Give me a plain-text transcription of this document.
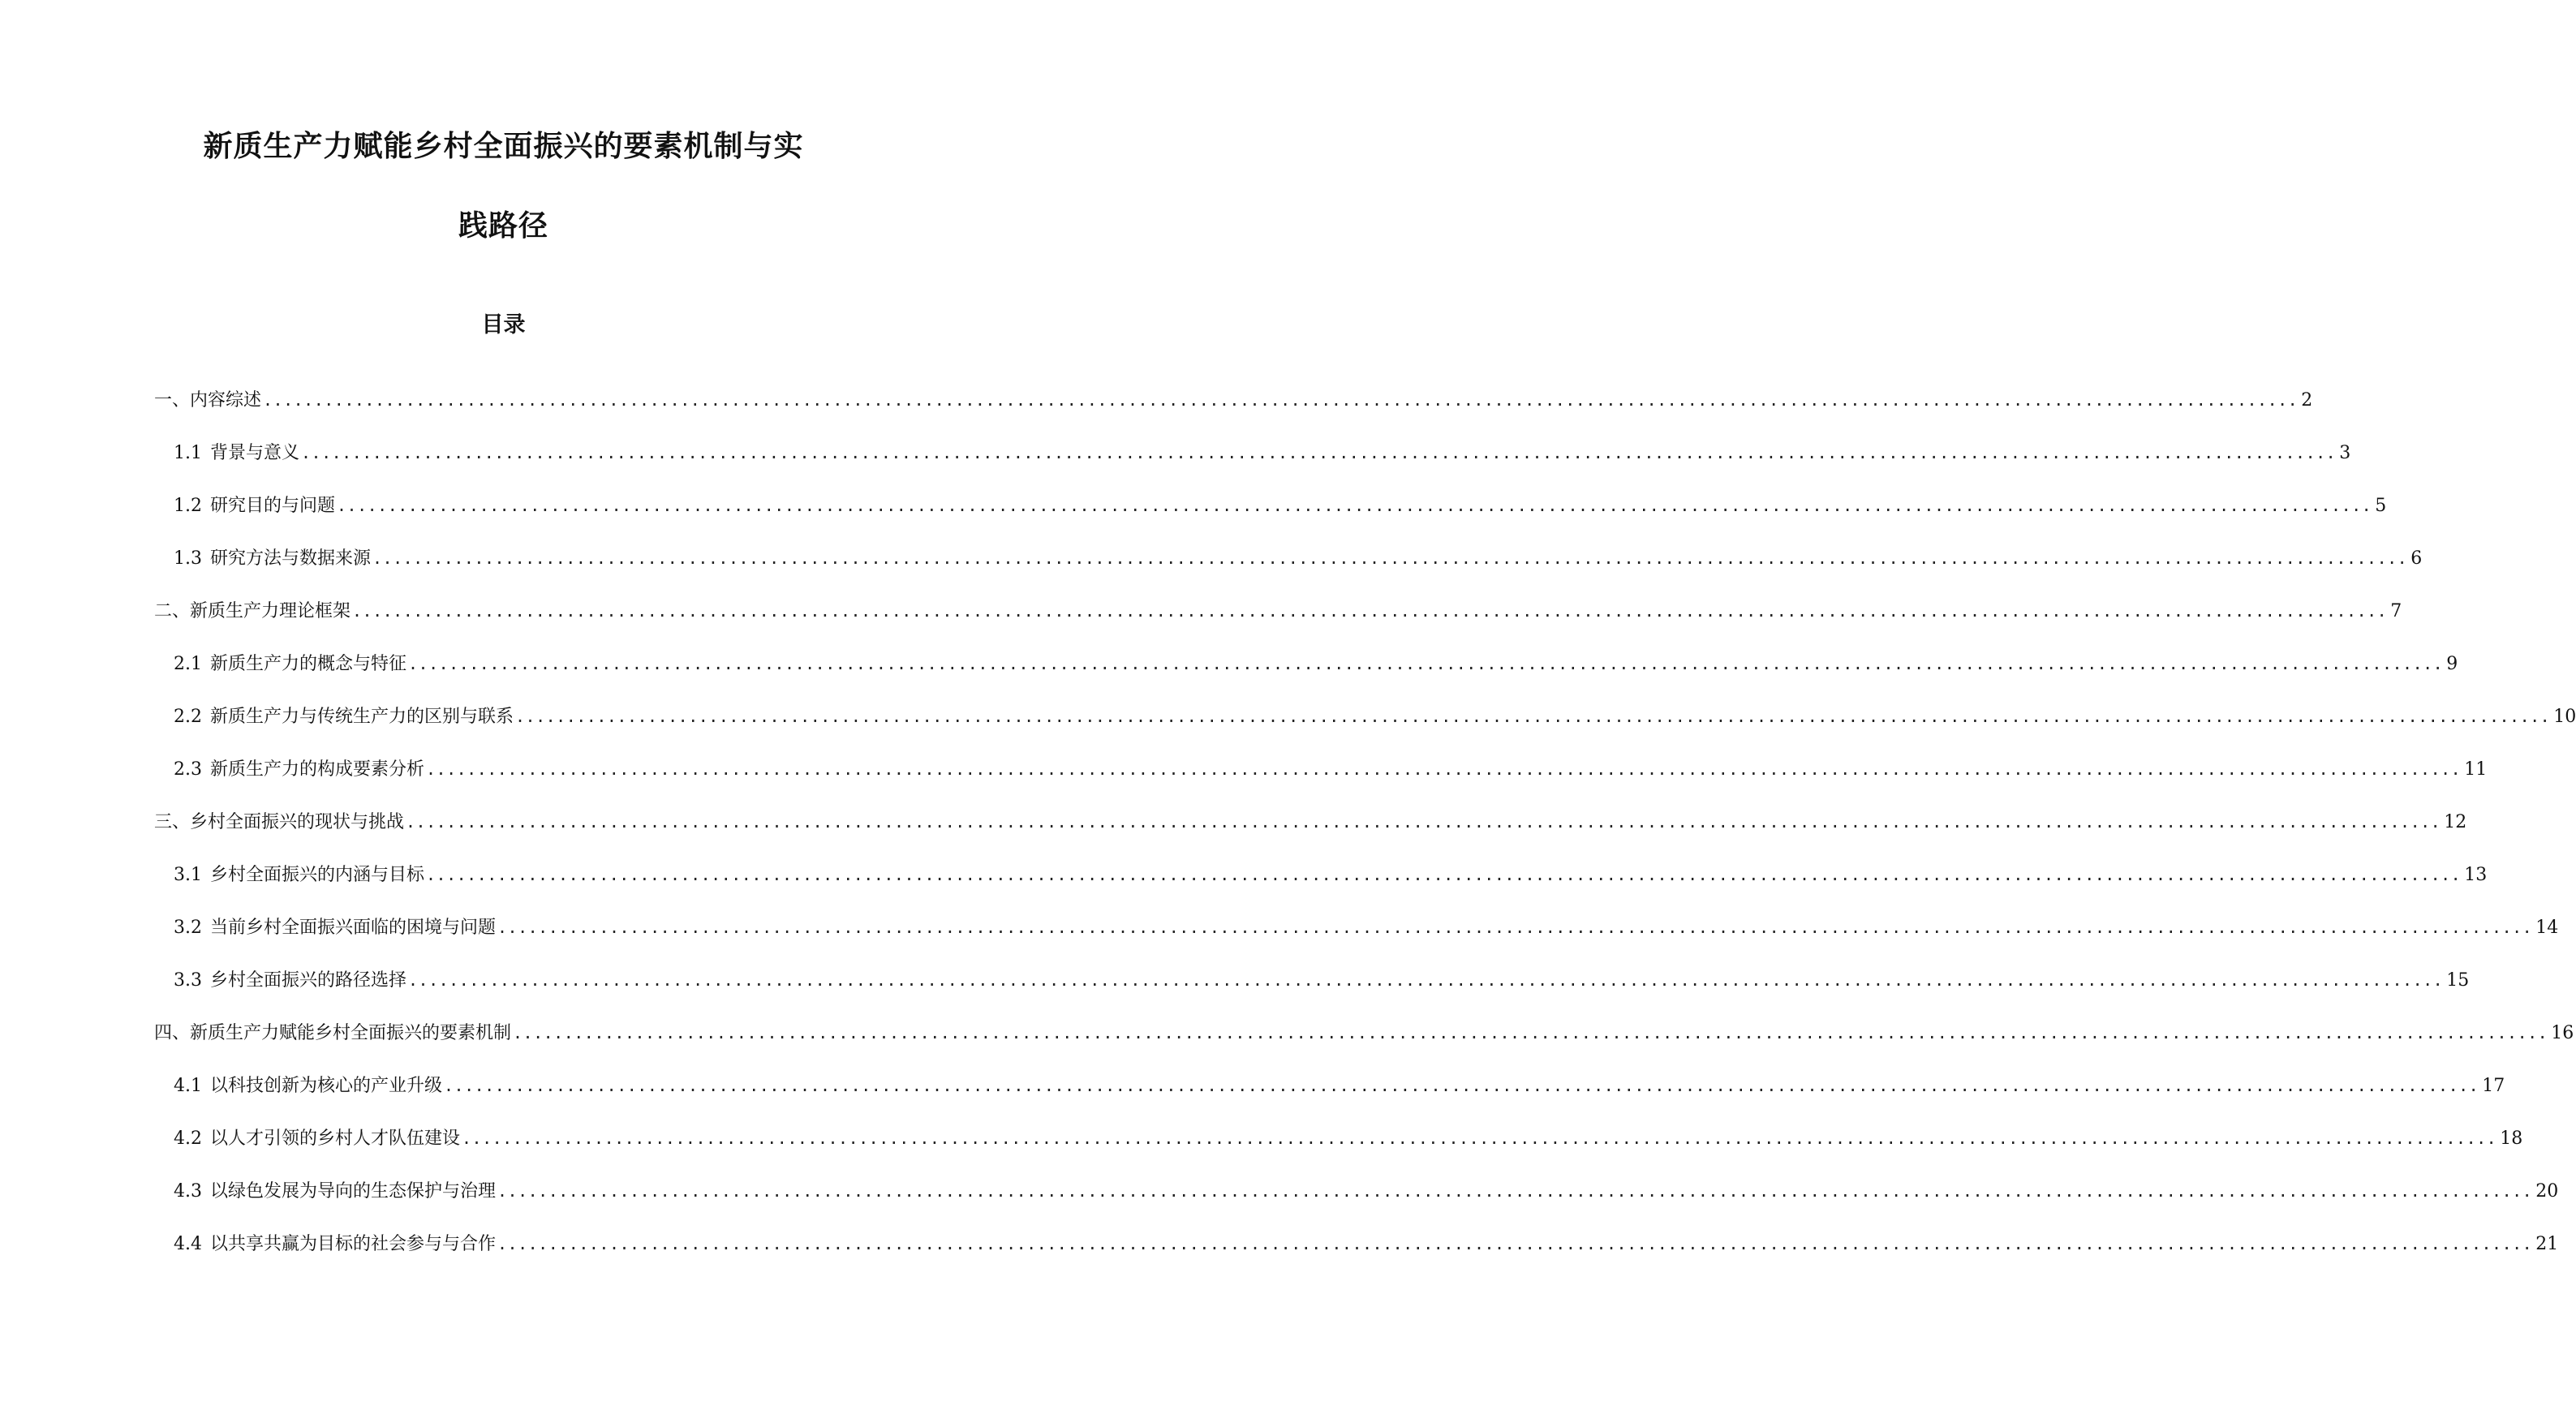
新质生产力赋能乡村全面振兴的要素机制与实
践路径
目录
一、内容综述 ........................................................................................................................................................................................................ 2
1.1 背景与意义 ........................................................................................................................................................................................................ 3
1.2 研究目的与问题 ........................................................................................................................................................................................................ 5
1.3 研究方法与数据来源 ........................................................................................................................................................................................................ 6
二、新质生产力理论框架 ........................................................................................................................................................................................................ 7
2.1 新质生产力的概念与特征 ........................................................................................................................................................................................................ 9
2.2 新质生产力与传统生产力的区别与联系 ........................................................................................................................................................................................................ 10
2.3 新质生产力的构成要素分析 ........................................................................................................................................................................................................ 11
三、乡村全面振兴的现状与挑战 ........................................................................................................................................................................................................ 12
3.1 乡村全面振兴的内涵与目标 ........................................................................................................................................................................................................ 13
3.2 当前乡村全面振兴面临的困境与问题 ........................................................................................................................................................................................................ 14
3.3 乡村全面振兴的路径选择 ........................................................................................................................................................................................................ 15
四、新质生产力赋能乡村全面振兴的要素机制 ........................................................................................................................................................................................................ 16
4.1 以科技创新为核心的产业升级 ........................................................................................................................................................................................................ 17
4.2 以人才引领的乡村人才队伍建设 ........................................................................................................................................................................................................ 18
4.3 以绿色发展为导向的生态保护与治理 ........................................................................................................................................................................................................ 20
4.4 以共享共赢为目标的社会参与与合作 ........................................................................................................................................................................................................ 21
